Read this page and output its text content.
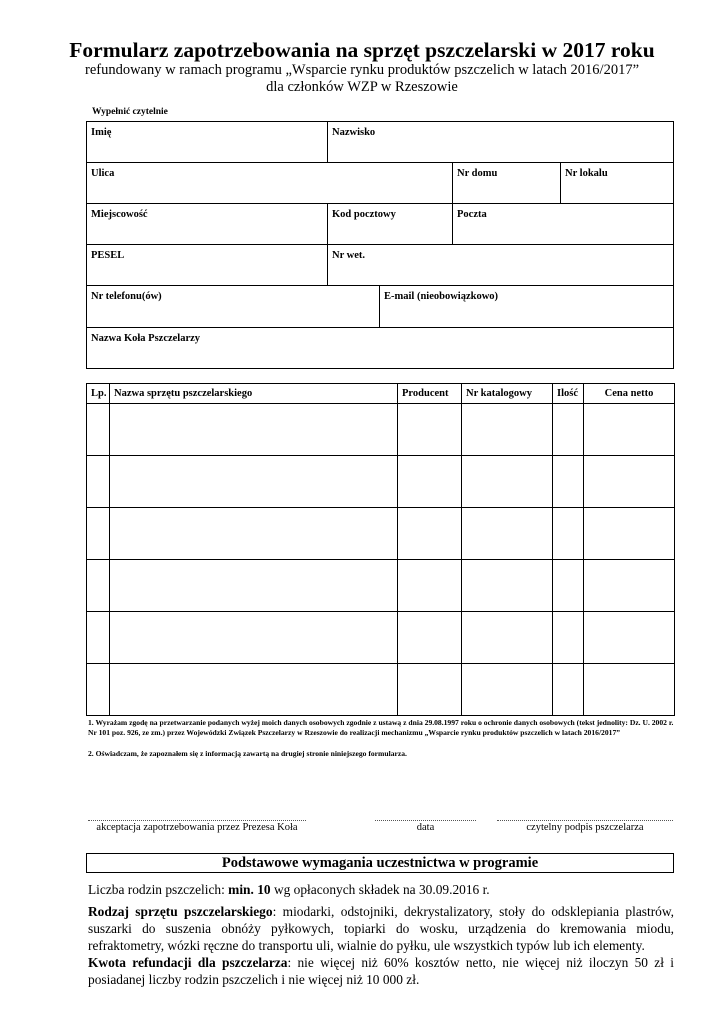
Formularz zapotrzebowania na sprzęt pszczelarski w 2017 roku
refundowany w ramach programu „Wsparcie rynku produktów pszczelich w latach 2016/2017”
dla członków WZP w Rzeszowie
Wypełnić czytelnie
Imię	Nazwisko
Ulica	Nr domu	Nr lokalu
Miejscowość	Kod pocztowy	Poczta
PESEL	Nr wet.
Nr telefonu(ów)	E-mail (nieobowiązkowo)
Nazwa Koła Pszczelarzy
Lp.	Nazwa sprzętu pszczelarskiego	Producent	Nr katalogowy	Ilość	Cena netto

1. Wyrażam zgodę na przetwarzanie podanych wyżej moich danych osobowych zgodnie z ustawą z dnia 29.08.1997 roku o ochronie danych osobowych (tekst jednolity: Dz. U. 2002 r. Nr 101 poz. 926, ze zm.) przez Wojewódzki Związek Pszczelarzy w Rzeszowie do realizacji mechanizmu „Wsparcie rynku produktów pszczelich w latach 2016/2017”
2. Oświadczam, że zapoznałem się z informacją zawartą na drugiej stronie niniejszego formularza.
akceptacja zapotrzebowania przez Prezesa Koła	data	czytelny podpis pszczelarza
Podstawowe wymagania uczestnictwa w programie
Liczba rodzin pszczelich: min. 10 wg opłaconych składek na 30.09.2016 r.
Rodzaj sprzętu pszczelarskiego: miodarki, odstojniki, dekrystalizatory, stoły do odsklepiania plastrów, suszarki do suszenia obnóży pyłkowych, topiarki do wosku, urządzenia do kremowania miodu, refraktometry, wózki ręczne do transportu uli, wialnie do pyłku, ule wszystkich typów lub ich elementy.
Kwota refundacji dla pszczelarza: nie więcej niż 60% kosztów netto, nie więcej niż iloczyn 50 zł i posiadanej liczby rodzin pszczelich i nie więcej niż 10 000 zł.
